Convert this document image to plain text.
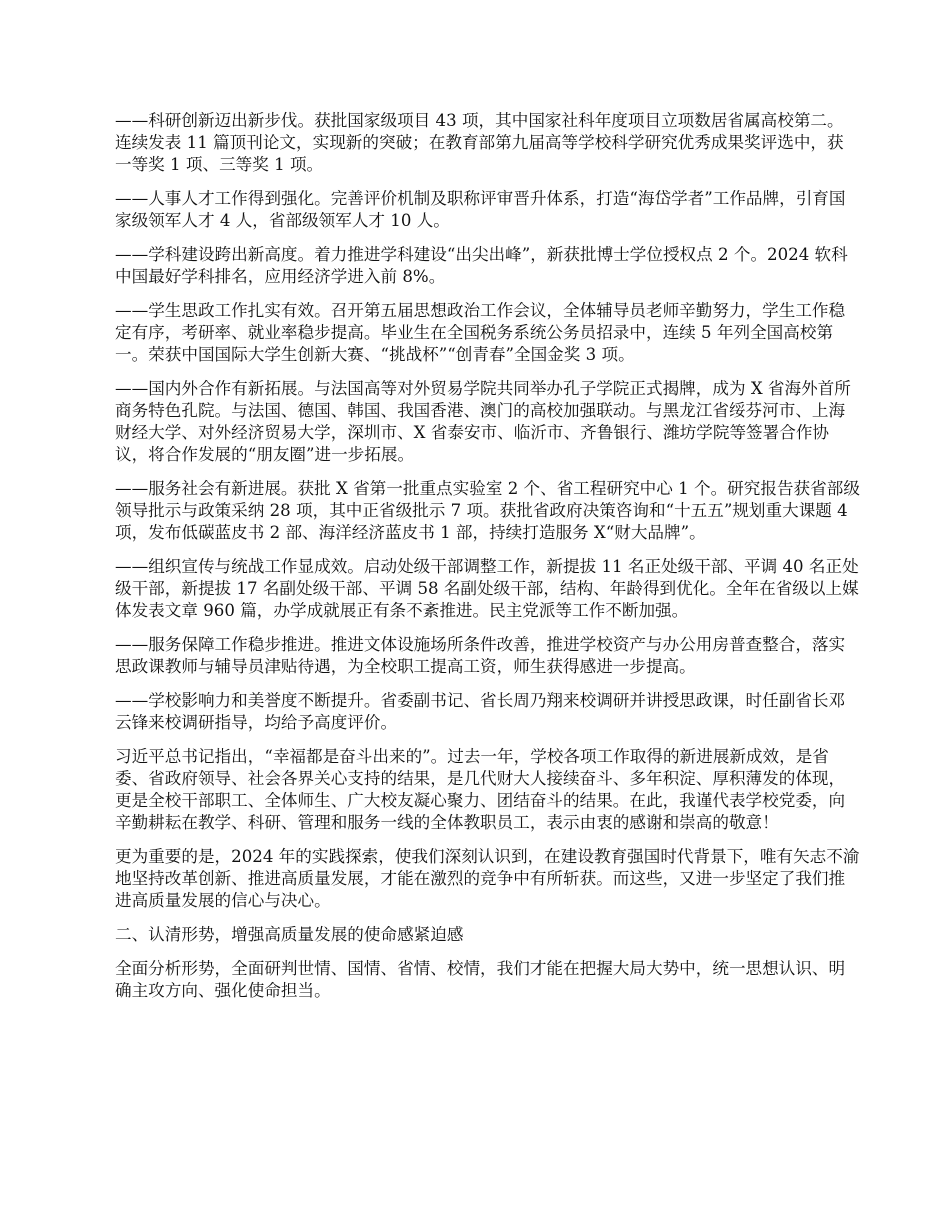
——科研创新迈出新步伐。获批国家级项目 43 项，其中国家社科年度项目立项数居省属高校第二。连续发表 11 篇顶刊论文，实现新的突破；在教育部第九届高等学校科学研究优秀成果奖评选中，获一等奖 1 项、三等奖 1 项。

——人事人才工作得到强化。完善评价机制及职称评审晋升体系，打造“海岱学者”工作品牌，引育国家级领军人才 4 人，省部级领军人才 10 人。

——学科建设跨出新高度。着力推进学科建设“出尖出峰”，新获批博士学位授权点 2 个。2024 软科中国最好学科排名，应用经济学进入前 8%。

——学生思政工作扎实有效。召开第五届思想政治工作会议，全体辅导员老师辛勤努力，学生工作稳定有序，考研率、就业率稳步提高。毕业生在全国税务系统公务员招录中，连续 5 年列全国高校第一。荣获中国国际大学生创新大赛、“挑战杯”“创青春”全国金奖 3 项。

——国内外合作有新拓展。与法国高等对外贸易学院共同举办孔子学院正式揭牌，成为 X 省海外首所商务特色孔院。与法国、德国、韩国、我国香港、澳门的高校加强联动。与黑龙江省绥芬河市、上海财经大学、对外经济贸易大学，深圳市、X 省泰安市、临沂市、齐鲁银行、潍坊学院等签署合作协议，将合作发展的“朋友圈”进一步拓展。

——服务社会有新进展。获批 X 省第一批重点实验室 2 个、省工程研究中心 1 个。研究报告获省部级领导批示与政策采纳 28 项，其中正省级批示 7 项。获批省政府决策咨询和“十五五”规划重大课题 4 项，发布低碳蓝皮书 2 部、海洋经济蓝皮书 1 部，持续打造服务 X“财大品牌”。

——组织宣传与统战工作显成效。启动处级干部调整工作，新提拔 11 名正处级干部、平调 40 名正处级干部，新提拔 17 名副处级干部、平调 58 名副处级干部，结构、年龄得到优化。全年在省级以上媒体发表文章 960 篇，办学成就展正有条不紊推进。民主党派等工作不断加强。

——服务保障工作稳步推进。推进文体设施场所条件改善，推进学校资产与办公用房普查整合，落实思政课教师与辅导员津贴待遇，为全校职工提高工资，师生获得感进一步提高。

——学校影响力和美誉度不断提升。省委副书记、省长周乃翔来校调研并讲授思政课，时任副省长邓云锋来校调研指导，均给予高度评价。

习近平总书记指出，“幸福都是奋斗出来的”。过去一年，学校各项工作取得的新进展新成效，是省委、省政府领导、社会各界关心支持的结果，是几代财大人接续奋斗、多年积淀、厚积薄发的体现，更是全校干部职工、全体师生、广大校友凝心聚力、团结奋斗的结果。在此，我谨代表学校党委，向辛勤耕耘在教学、科研、管理和服务一线的全体教职员工，表示由衷的感谢和崇高的敬意！

更为重要的是，2024 年的实践探索，使我们深刻认识到，在建设教育强国时代背景下，唯有矢志不渝地坚持改革创新、推进高质量发展，才能在激烈的竞争中有所斩获。而这些，又进一步坚定了我们推进高质量发展的信心与决心。

二、认清形势，增强高质量发展的使命感紧迫感

全面分析形势，全面研判世情、国情、省情、校情，我们才能在把握大局大势中，统一思想认识、明确主攻方向、强化使命担当。
